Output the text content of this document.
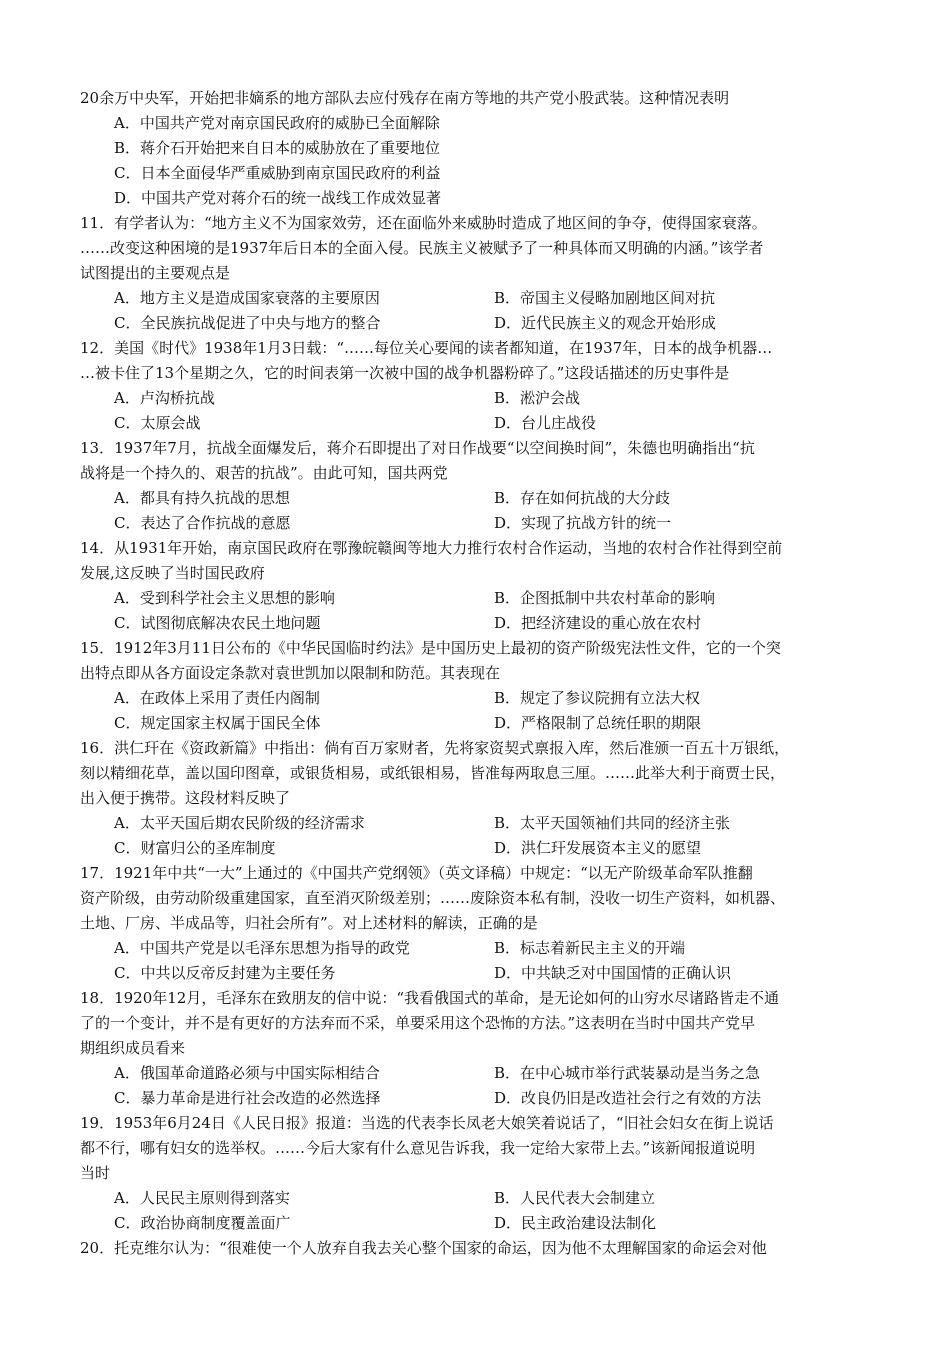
20余万中央军，开始把非嫡系的地方部队去应付残存在南方等地的共产党小股武装。这种情况表明
A．中国共产党对南京国民政府的威胁已全面解除
B．蒋介石开始把来自日本的威胁放在了重要地位
C．日本全面侵华严重威胁到南京国民政府的利益
D．中国共产党对蒋介石的统一战线工作成效显著
11．有学者认为：“地方主义不为国家效劳，还在面临外来威胁时造成了地区间的争夺，使得国家衰落。
……改变这种困境的是1937年后日本的全面入侵。民族主义被赋予了一种具体而又明确的内涵。”该学者
试图提出的主要观点是
A．地方主义是造成国家衰落的主要原因	B．帝国主义侵略加剧地区间对抗
C．全民族抗战促进了中央与地方的整合	D．近代民族主义的观念开始形成
12．美国《时代》1938年1月3日载：“……每位关心要闻的读者都知道，在1937年，日本的战争机器…
…被卡住了13个星期之久，它的时间表第一次被中国的战争机器粉碎了。”这段话描述的历史事件是
A．卢沟桥抗战	B．淞沪会战
C．太原会战	D．台儿庄战役
13．1937年7月，抗战全面爆发后，蒋介石即提出了对日作战要“以空间换时间”，朱德也明确指出“抗
战将是一个持久的、艰苦的抗战”。由此可知，国共两党
A．都具有持久抗战的思想	B．存在如何抗战的大分歧
C．表达了合作抗战的意愿	D．实现了抗战方针的统一
14．从1931年开始，南京国民政府在鄂豫皖赣闽等地大力推行农村合作运动，当地的农村合作社得到空前
发展,这反映了当时国民政府
A．受到科学社会主义思想的影响	B．企图抵制中共农村革命的影响
C．试图彻底解决农民土地问题	D．把经济建设的重心放在农村
15．1912年3月11日公布的《中华民国临时约法》是中国历史上最初的资产阶级宪法性文件，它的一个突
出特点即从各方面设定条款对袁世凯加以限制和防范。其表现在
A．在政体上采用了责任内阁制	B．规定了参议院拥有立法大权
C．规定国家主权属于国民全体	D．严格限制了总统任职的期限
16．洪仁玕在《资政新篇》中指出：倘有百万家财者，先将家资契式禀报入库，然后准颁一百五十万银纸，
刻以精细花草，盖以国印图章，或银货相易，或纸银相易，皆准每两取息三厘。……此举大利于商贾士民，
出入便于携带。这段材料反映了
A．太平天国后期农民阶级的经济需求	B．太平天国领袖们共同的经济主张
C．财富归公的圣库制度	D．洪仁玕发展资本主义的愿望
17．1921年中共“一大”上通过的《中国共产党纲领》（英文译稿）中规定：“以无产阶级革命军队推翻
资产阶级，由劳动阶级重建国家，直至消灭阶级差别；……废除资本私有制，没收一切生产资料，如机器、
土地、厂房、半成品等，归社会所有”。对上述材料的解读，正确的是
A．中国共产党是以毛泽东思想为指导的政党	B．标志着新民主主义的开端
C．中共以反帝反封建为主要任务	D．中共缺乏对中国国情的正确认识
18．1920年12月，毛泽东在致朋友的信中说：“我看俄国式的革命，是无论如何的山穷水尽诸路皆走不通
了的一个变计，并不是有更好的方法弃而不采，单要采用这个恐怖的方法。”这表明在当时中国共产党早
期组织成员看来
A．俄国革命道路必须与中国实际相结合	B．在中心城市举行武装暴动是当务之急
C．暴力革命是进行社会改造的必然选择	D．改良仍旧是改造社会行之有效的方法
19．1953年6月24日《人民日报》报道：当选的代表李长凤老大娘笑着说话了，“旧社会妇女在街上说话
都不行，哪有妇女的选举权。……今后大家有什么意见告诉我，我一定给大家带上去。”该新闻报道说明
当时
A．人民民主原则得到落实	B．人民代表大会制建立
C．政治协商制度覆盖面广	D．民主政治建设法制化
20．托克维尔认为：“很难使一个人放弃自我去关心整个国家的命运，因为他不太理解国家的命运会对他
